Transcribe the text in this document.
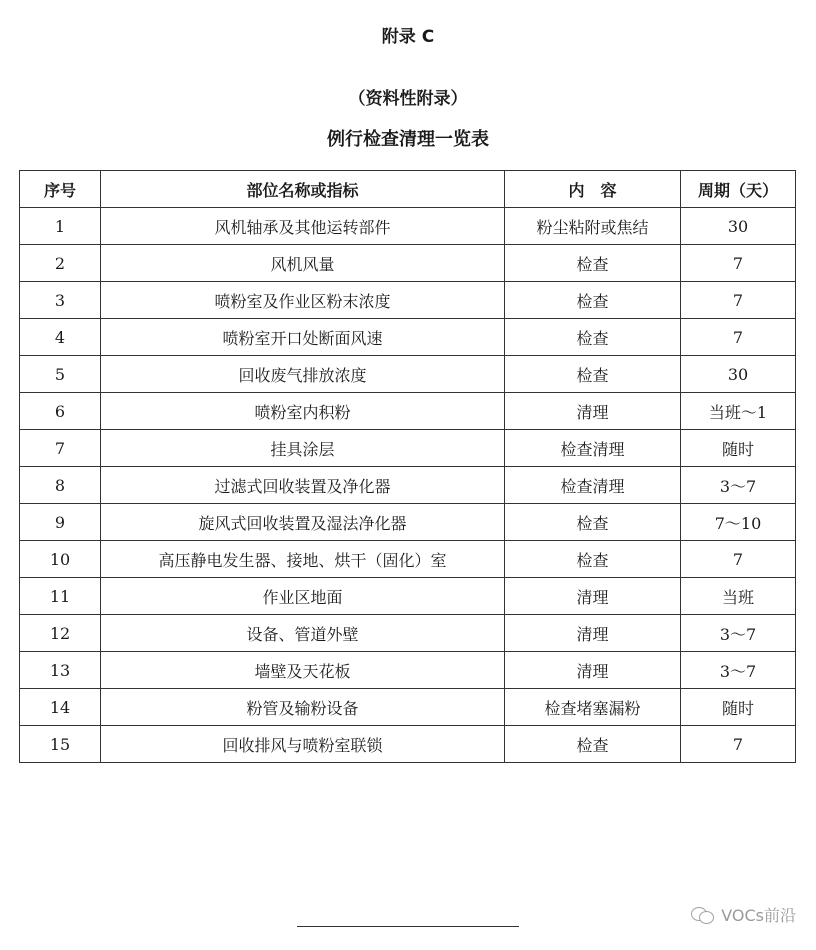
附录 C
（资料性附录）
例行检查清理一览表
序号	部位名称或指标	内　容	周期（天）
1	风机轴承及其他运转部件	粉尘粘附或焦结	30
2	风机风量	检查	7
3	喷粉室及作业区粉末浓度	检查	7
4	喷粉室开口处断面风速	检查	7
5	回收废气排放浓度	检查	30
6	喷粉室内积粉	清理	当班～1
7	挂具涂层	检查清理	随时
8	过滤式回收装置及净化器	检查清理	3～7
9	旋风式回收装置及湿法净化器	检查	7～10
10	高压静电发生器、接地、烘干（固化）室	检查	7
11	作业区地面	清理	当班
12	设备、管道外壁	清理	3～7
13	墙壁及天花板	清理	3～7
14	粉管及输粉设备	检查堵塞漏粉	随时
15	回收排风与喷粉室联锁	检查	7
VOCs前沿
